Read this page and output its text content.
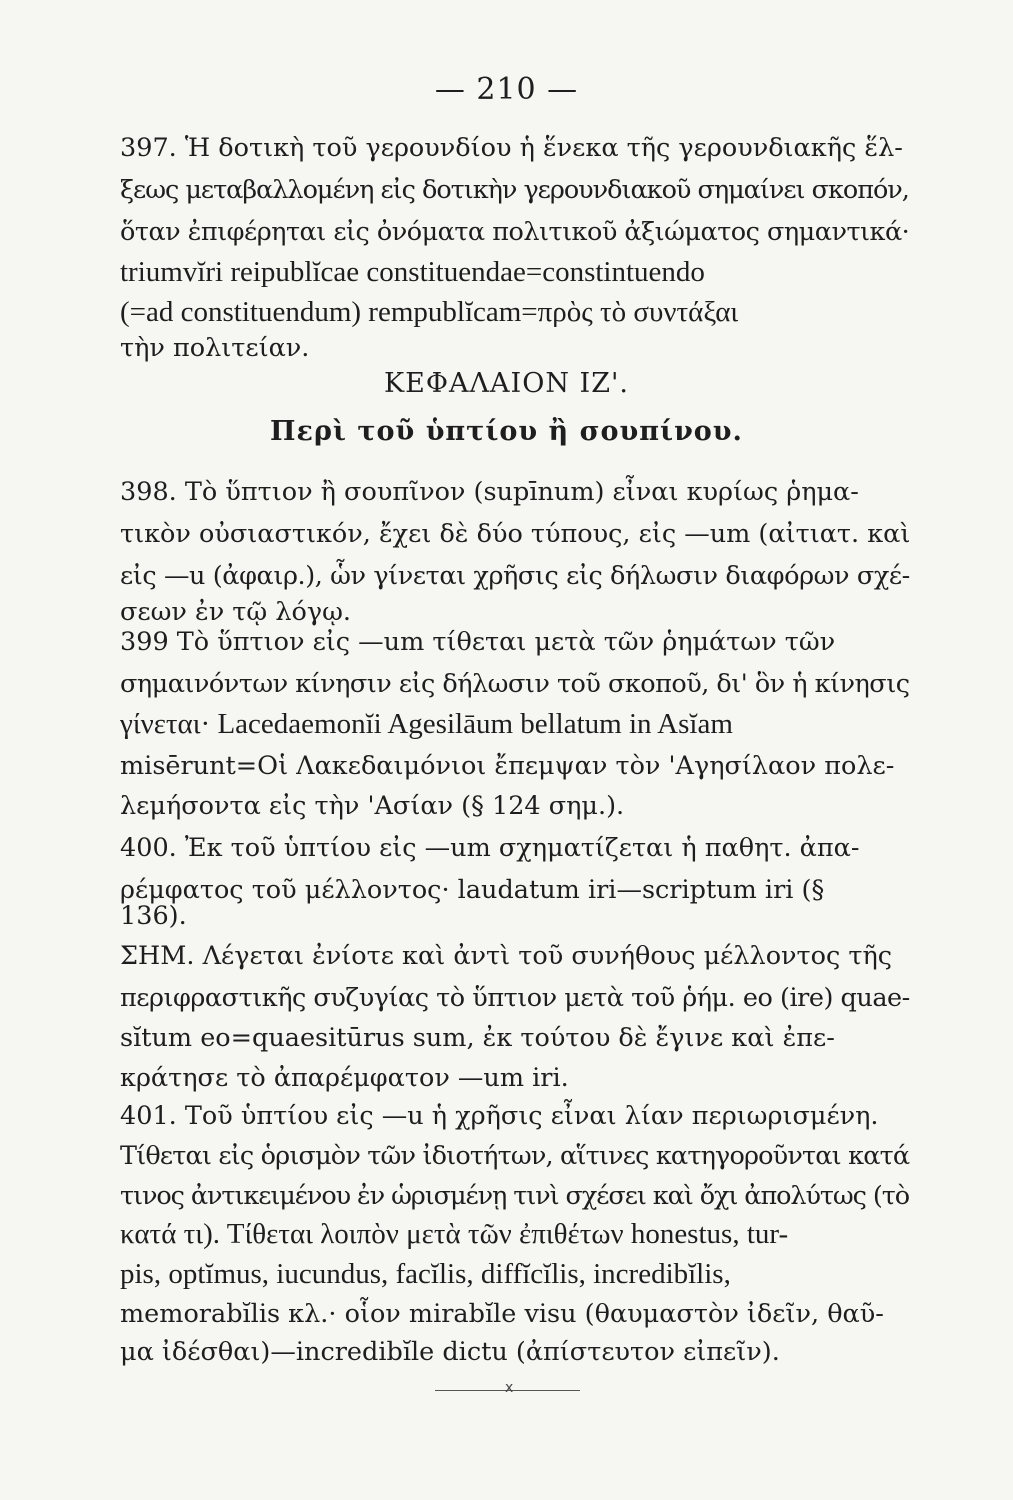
— 210 —
397. Ἡ δοτικὴ τοῦ γερουνδίου ἡ ἕνεκα τῆς γερουνδιακῆς ἕλ-
ξεως μεταβαλλομένη εἰς δοτικὴν γερουνδιακοῦ σημαίνει σκοπόν,
ὅταν ἐπιφέρηται εἰς ὀνόματα πολιτικοῦ ἀξιώματος σημαντικά·
triumvĭri reipublĭcae constituendae=constintuendo
(=ad constituendum) rempublĭcam=πρὸς τὸ συντάξαι
τὴν πολιτείαν.
ΚΕΦΑΛΑΙΟΝ ΙΖ'.
Περὶ τοῦ ὑπτίου ἢ σουπίνου.
398. Τὸ ὕπτιον ἢ σουπῖνον (supīnum) εἶναι κυρίως ῥημα-
τικὸν οὐσιαστικόν, ἔχει δὲ δύο τύπους, εἰς —um (αἰτιατ. καὶ
εἰς —u (ἀφαιρ.), ὧν γίνεται χρῆσις εἰς δήλωσιν διαφόρων σχέ-
σεων ἐν τῷ λόγῳ.
399 Τὸ ὕπτιον εἰς —um τίθεται μετὰ τῶν ῥημάτων τῶν
σημαινόντων κίνησιν εἰς δήλωσιν τοῦ σκοποῦ, δι' ὃν ἡ κίνησις
γίνεται· Lacedaemonĭi Agesilāum bellatum in Asĭam
misērunt=Οἱ Λακεδαιμόνιοι ἔπεμψαν τὸν 'Αγησίλαον πολε-
λεμήσοντα εἰς τὴν 'Ασίαν (§ 124 σημ.).
400. Ἐκ τοῦ ὑπτίου εἰς —um σχηματίζεται ἡ παθητ. ἀπα-
ρέμφατος τοῦ μέλλοντος· laudatum iri—scriptum iri (§
136).
ΣΗΜ. Λέγεται ἐνίοτε καὶ ἀντὶ τοῦ συνήθους μέλλοντος τῆς
περιφραστικῆς συζυγίας τὸ ὕπτιον μετὰ τοῦ ῥήμ. eo (ire) quae-
sĭtum eo=quaesitūrus sum, ἐκ τούτου δὲ ἔγινε καὶ ἐπε-
κράτησε τὸ ἀπαρέμφατον —um iri.
401. Τοῦ ὑπτίου εἰς —u ἡ χρῆσις εἶναι λίαν περιωρισμένη.
Τίθεται εἰς ὁρισμὸν τῶν ἰδιοτήτων, αἵτινες κατηγοροῦνται κατά
τινος ἀντικειμένου ἐν ὡρισμένῃ τινὶ σχέσει καὶ ὄχι ἀπολύτως (τὸ
κατά τι). Τίθεται λοιπὸν μετὰ τῶν ἐπιθέτων honestus, tur-
pis, optĭmus, iucundus, facĭlis, diffĭcĭlis, incredibĭlis,
memorabĭlis κλ.· οἷον mirabĭle visu (θαυμαστὸν ἰδεῖν, θαῦ-
μα ἰδέσθαι)—incredibĭle dictu (ἀπίστευτον εἰπεῖν).
x
